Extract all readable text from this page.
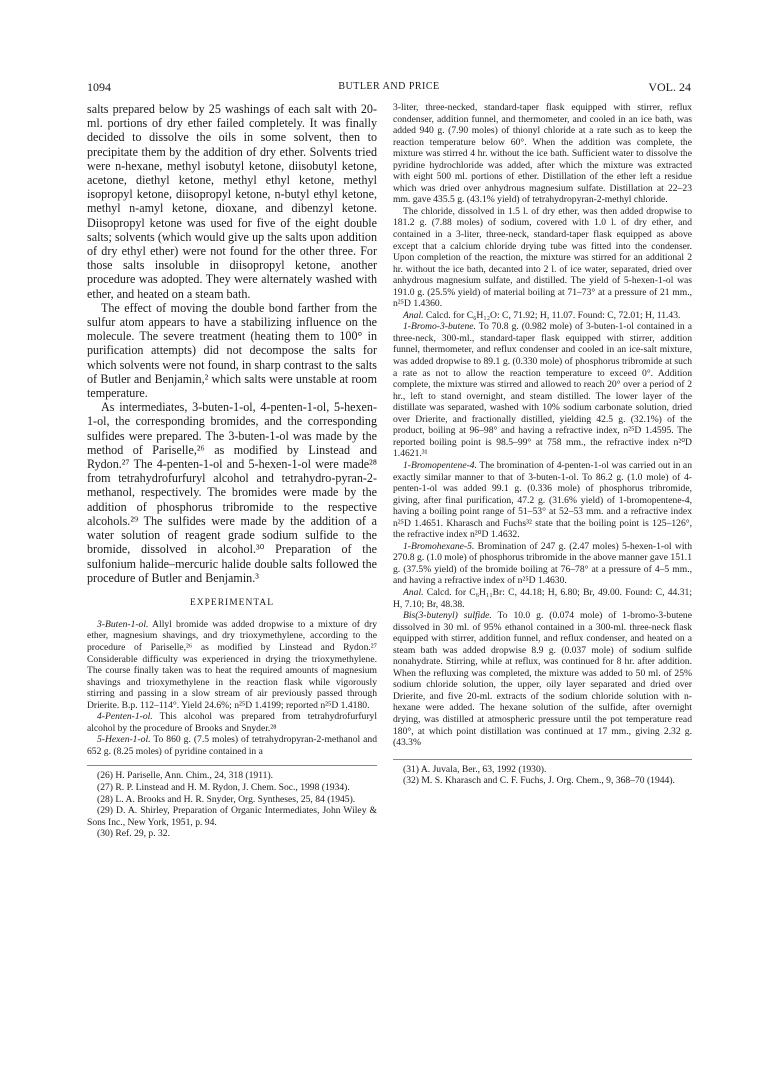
1094	BUTLER AND PRICE	VOL. 24

salts prepared below by 25 washings of each salt with 20-ml. portions of dry ether failed completely. It was finally decided to dissolve the oils in some solvent, then to precipitate them by the addition of dry ether. Solvents tried were n-hexane, methyl isobutyl ketone, diisobutyl ketone, acetone, diethyl ketone, methyl ethyl ketone, methyl isopropyl ketone, diisopropyl ketone, n-butyl ethyl ketone, methyl n-amyl ketone, dioxane, and dibenzyl ketone. Diisopropyl ketone was used for five of the eight double salts; solvents (which would give up the salts upon addition of dry ethyl ether) were not found for the other three. For those salts insoluble in diisopropyl ketone, another procedure was adopted. They were alternately washed with ether, and heated on a steam bath.

The effect of moving the double bond farther from the sulfur atom appears to have a stabilizing influence on the molecule. The severe treatment (heating them to 100° in purification attempts) did not decompose the salts for which solvents were not found, in sharp contrast to the salts of Butler and Benjamin,² which salts were unstable at room temperature.

As intermediates, 3-buten-1-ol, 4-penten-1-ol, 5-hexen-1-ol, the corresponding bromides, and the corresponding sulfides were prepared. The 3-buten-1-ol was made by the method of Pariselle,²⁶ as modified by Linstead and Rydon.²⁷ The 4-penten-1-ol and 5-hexen-1-ol were made²⁸ from tetrahydrofurfuryl alcohol and tetrahydro-pyran-2-methanol, respectively. The bromides were made by the addition of phosphorus tribromide to the respective alcohols.²⁹ The sulfides were made by the addition of a water solution of reagent grade sodium sulfide to the bromide, dissolved in alcohol.³⁰ Preparation of the sulfonium halide–mercuric halide double salts followed the procedure of Butler and Benjamin.³

EXPERIMENTAL

3-Buten-1-ol. Allyl bromide was added dropwise to a mixture of dry ether, magnesium shavings, and dry trioxymethylene, according to the procedure of Pariselle,²⁶ as modified by Linstead and Rydon.²⁷ Considerable difficulty was experienced in drying the trioxymethylene. The course finally taken was to heat the required amounts of magnesium shavings and trioxymethylene in the reaction flask while vigorously stirring and passing in a slow stream of air previously passed through Drierite. B.p. 112–114°. Yield 24.6%; n²⁵D 1.4199; reported n²⁵D 1.4180.

4-Penten-1-ol. This alcohol was prepared from tetrahydrofurfuryl alcohol by the procedure of Brooks and Snyder.²⁸

5-Hexen-1-ol. To 860 g. (7.5 moles) of tetrahydropyran-2-methanol and 652 g. (8.25 moles) of pyridine contained in a

(26) H. Pariselle, Ann. Chim., 24, 318 (1911).

(27) R. P. Linstead and H. M. Rydon, J. Chem. Soc., 1998 (1934).

(28) L. A. Brooks and H. R. Snyder, Org. Syntheses, 25, 84 (1945).

(29) D. A. Shirley, Preparation of Organic Intermediates, John Wiley & Sons Inc., New York, 1951, p. 94.

(30) Ref. 29, p. 32.

3-liter, three-necked, standard-taper flask equipped with stirrer, reflux condenser, addition funnel, and thermometer, and cooled in an ice bath, was added 940 g. (7.90 moles) of thionyl chloride at a rate such as to keep the reaction temperature below 60°. When the addition was complete, the mixture was stirred 4 hr. without the ice bath. Sufficient water to dissolve the pyridine hydrochloride was added, after which the mixture was extracted with eight 500 ml. portions of ether. Distillation of the ether left a residue which was dried over anhydrous magnesium sulfate. Distillation at 22–23 mm. gave 435.5 g. (43.1% yield) of tetrahydropyran-2-methyl chloride.

The chloride, dissolved in 1.5 l. of dry ether, was then added dropwise to 181.2 g. (7.88 moles) of sodium, covered with 1.0 l. of dry ether, and contained in a 3-liter, three-neck, standard-taper flask equipped as above except that a calcium chloride drying tube was fitted into the condenser. Upon completion of the reaction, the mixture was stirred for an additional 2 hr. without the ice bath, decanted into 2 l. of ice water, separated, dried over anhydrous magnesium sulfate, and distilled. The yield of 5-hexen-1-ol was 191.0 g. (25.5% yield) of material boiling at 71–73° at a pressure of 21 mm., n²⁵D 1.4360.

Anal. Calcd. for C₆H₁₂O: C, 71.92; H, 11.07. Found: C, 72.01; H, 11.43.

1-Bromo-3-butene. To 70.8 g. (0.982 mole) of 3-buten-1-ol contained in a three-neck, 300-ml., standard-taper flask equipped with stirrer, addition funnel, thermometer, and reflux condenser and cooled in an ice-salt mixture, was added dropwise to 89.1 g. (0.330 mole) of phosphorus tribromide at such a rate as not to allow the reaction temperature to exceed 0°. Addition complete, the mixture was stirred and allowed to reach 20° over a period of 2 hr., left to stand overnight, and steam distilled. The lower layer of the distillate was separated, washed with 10% sodium carbonate solution, dried over Drierite, and fractionally distilled, yielding 42.5 g. (32.1%) of the product, boiling at 96–98° and having a refractive index, n²⁵D 1.4595. The reported boiling point is 98.5–99° at 758 mm., the refractive index n²⁰D 1.4621.³¹

1-Bromopentene-4. The bromination of 4-penten-1-ol was carried out in an exactly similar manner to that of 3-buten-1-ol. To 86.2 g. (1.0 mole) of 4-penten-1-ol was added 99.1 g. (0.336 mole) of phosphorus tribromide, giving, after final purification, 47.2 g. (31.6% yield) of 1-bromopentene-4, having a boiling point range of 51–53° at 52–53 mm. and a refractive index n²⁵D 1.4651. Kharasch and Fuchs³² state that the boiling point is 125–126°, the refractive index n²⁰D 1.4632.

1-Bromohexane-5. Bromination of 247 g. (2.47 moles) 5-hexen-1-ol with 270.8 g. (1.0 mole) of phosphorus tribromide in the above manner gave 151.1 g. (37.5% yield) of the bromide boiling at 76–78° at a pressure of 4–5 mm., and having a refractive index of n²⁵D 1.4630.

Anal. Calcd. for C₆H₁₁Br: C, 44.18; H, 6.80; Br, 49.00. Found: C, 44.31; H, 7.10; Br, 48.38.

Bis(3-butenyl) sulfide. To 10.0 g. (0.074 mole) of 1-bromo-3-butene dissolved in 30 ml. of 95% ethanol contained in a 300-ml. three-neck flask equipped with stirrer, addition funnel, and reflux condenser, and heated on a steam bath was added dropwise 8.9 g. (0.037 mole) of sodium sulfide nonahydrate. Stirring, while at reflux, was continued for 8 hr. after addition. When the refluxing was completed, the mixture was added to 50 ml. of 25% sodium chloride solution, the upper, oily layer separated and dried over Drierite, and five 20-ml. extracts of the sodium chloride solution with n-hexane were added. The hexane solution of the sulfide, after overnight drying, was distilled at atmospheric pressure until the pot temperature read 180°, at which point distillation was continued at 17 mm., giving 2.32 g. (43.3%

(31) A. Juvala, Ber., 63, 1992 (1930).

(32) M. S. Kharasch and C. F. Fuchs, J. Org. Chem., 9, 368–70 (1944).
